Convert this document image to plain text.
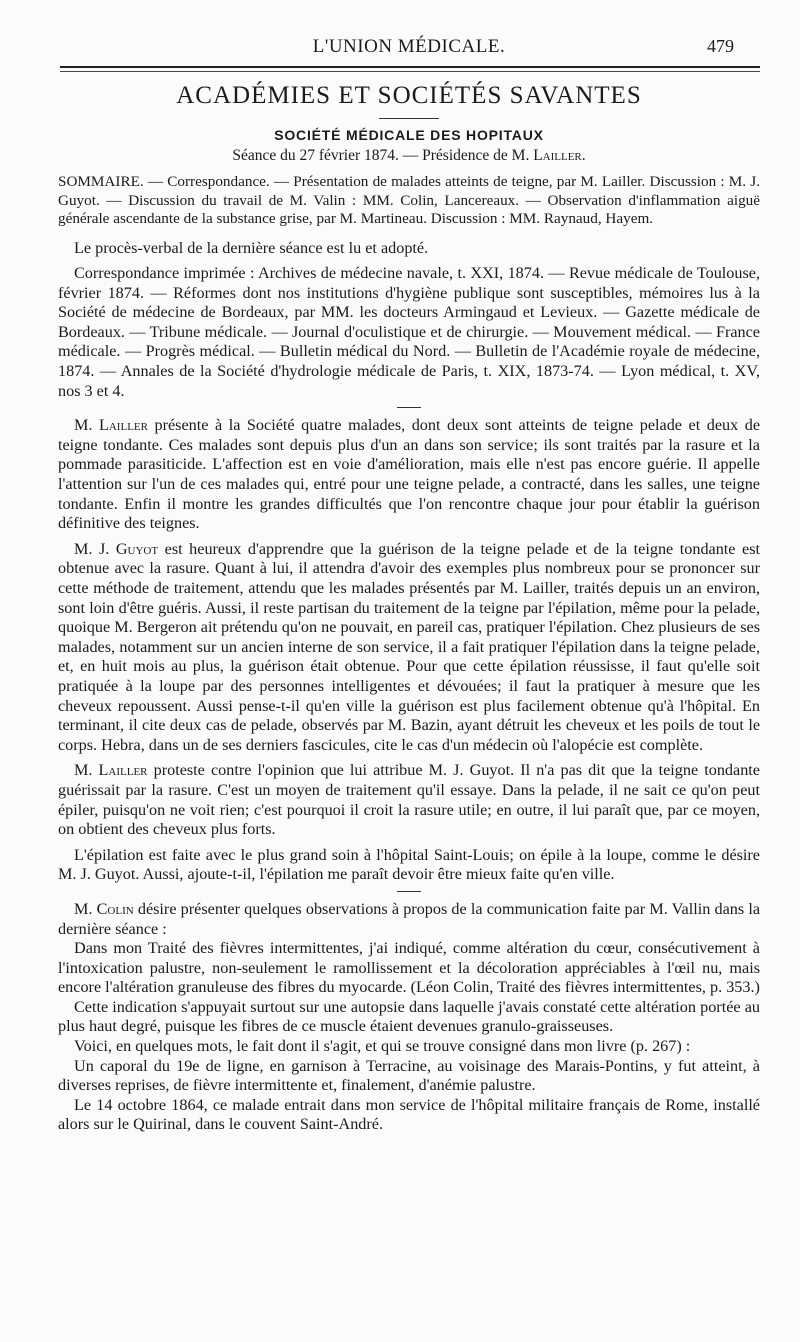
L'UNION MÉDICALE.	479
ACADÉMIES ET SOCIÉTÉS SAVANTES
SOCIÉTÉ MÉDICALE DES HOPITAUX
Séance du 27 février 1874. — Présidence de M. Lailler.
SOMMAIRE. — Correspondance. — Présentation de malades atteints de teigne, par M. Lailler. Discussion : M. J. Guyot. — Discussion du travail de M. Valin : MM. Colin, Lancereaux. — Observation d'inflammation aiguë générale ascendante de la substance grise, par M. Martineau. Discussion : MM. Raynaud, Hayem.

Le procès-verbal de la dernière séance est lu et adopté.

Correspondance imprimée : Archives de médecine navale, t. XXI, 1874. — Revue médicale de Toulouse, février 1874. — Réformes dont nos institutions d'hygiène publique sont susceptibles, mémoires lus à la Société de médecine de Bordeaux, par MM. les docteurs Armingaud et Levieux. — Gazette médicale de Bordeaux. — Tribune médicale. — Journal d'oculistique et de chirurgie. — Mouvement médical. — France médicale. — Progrès médical. — Bulletin médical du Nord. — Bulletin de l'Académie royale de médecine, 1874. — Annales de la Société d'hydrologie médicale de Paris, t. XIX, 1873-74. — Lyon médical, t. XV, nos 3 et 4.

M. Lailler présente à la Société quatre malades, dont deux sont atteints de teigne pelade et deux de teigne tondante. Ces malades sont depuis plus d'un an dans son service; ils sont traités par la rasure et la pommade parasiticide. L'affection est en voie d'amélioration, mais elle n'est pas encore guérie. Il appelle l'attention sur l'un de ces malades qui, entré pour une teigne pelade, a contracté, dans les salles, une teigne tondante. Enfin il montre les grandes difficultés que l'on rencontre chaque jour pour établir la guérison définitive des teignes.

M. J. Guyot est heureux d'apprendre que la guérison de la teigne pelade et de la teigne tondante est obtenue avec la rasure. Quant à lui, il attendra d'avoir des exemples plus nombreux pour se prononcer sur cette méthode de traitement, attendu que les malades présentés par M. Lailler, traités depuis un an environ, sont loin d'être guéris. Aussi, il reste partisan du traitement de la teigne par l'épilation, même pour la pelade, quoique M. Bergeron ait prétendu qu'on ne pouvait, en pareil cas, pratiquer l'épilation. Chez plusieurs de ses malades, notamment sur un ancien interne de son service, il a fait pratiquer l'épilation dans la teigne pelade, et, en huit mois au plus, la guérison était obtenue. Pour que cette épilation réussisse, il faut qu'elle soit pratiquée à la loupe par des personnes intelligentes et dévouées; il faut la pratiquer à mesure que les cheveux repoussent. Aussi pense-t-il qu'en ville la guérison est plus facilement obtenue qu'à l'hôpital. En terminant, il cite deux cas de pelade, observés par M. Bazin, ayant détruit les cheveux et les poils de tout le corps. Hebra, dans un de ses derniers fascicules, cite le cas d'un médecin où l'alopécie est complète.

M. Lailler proteste contre l'opinion que lui attribue M. J. Guyot. Il n'a pas dit que la teigne tondante guérissait par la rasure. C'est un moyen de traitement qu'il essaye. Dans la pelade, il ne sait ce qu'on peut épiler, puisqu'on ne voit rien; c'est pourquoi il croit la rasure utile; en outre, il lui paraît que, par ce moyen, on obtient des cheveux plus forts.

L'épilation est faite avec le plus grand soin à l'hôpital Saint-Louis; on épile à la loupe, comme le désire M. J. Guyot. Aussi, ajoute-t-il, l'épilation me paraît devoir être mieux faite qu'en ville.

M. Colin désire présenter quelques observations à propos de la communication faite par M. Vallin dans la dernière séance :

Dans mon Traité des fièvres intermittentes, j'ai indiqué, comme altération du cœur, consécutivement à l'intoxication palustre, non-seulement le ramollissement et la décoloration appréciables à l'œil nu, mais encore l'altération granuleuse des fibres du myocarde. (Léon Colin, Traité des fièvres intermittentes, p. 353.)

Cette indication s'appuyait surtout sur une autopsie dans laquelle j'avais constaté cette altération portée au plus haut degré, puisque les fibres de ce muscle étaient devenues granulo-graisseuses.

Voici, en quelques mots, le fait dont il s'agit, et qui se trouve consigné dans mon livre (p. 267) :

Un caporal du 19e de ligne, en garnison à Terracine, au voisinage des Marais-Pontins, y fut atteint, à diverses reprises, de fièvre intermittente et, finalement, d'anémie palustre.

Le 14 octobre 1864, ce malade entrait dans mon service de l'hôpital militaire français de Rome, installé alors sur le Quirinal, dans le couvent Saint-André.
